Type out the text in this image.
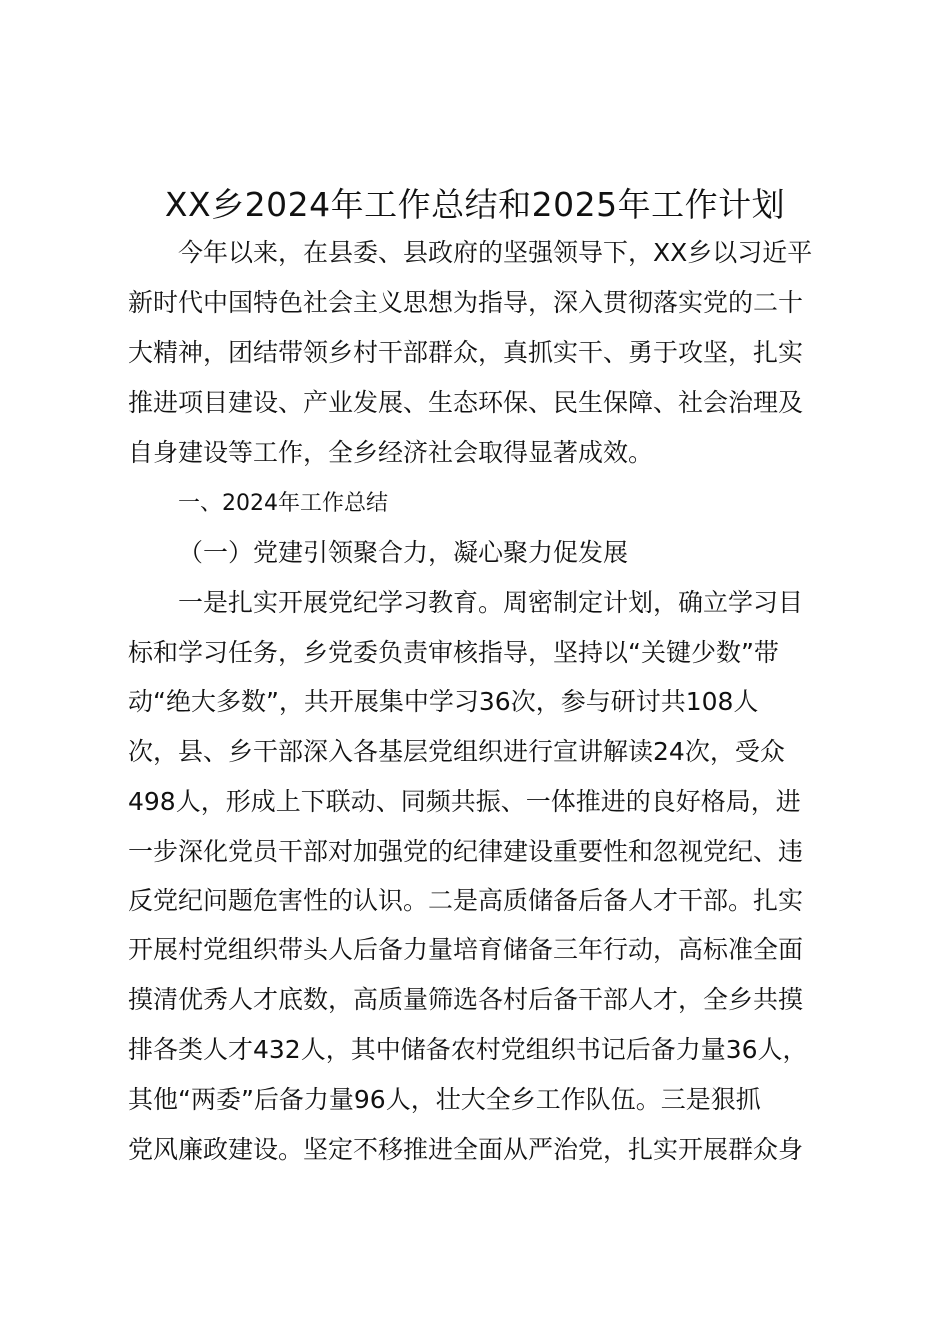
XX乡2024年工作总结和2025年工作计划

今年以来，在县委、县政府的坚强领导下，XX乡以习近平

新时代中国特色社会主义思想为指导，深入贯彻落实党的二十

大精神，团结带领乡村干部群众，真抓实干、勇于攻坚，扎实

推进项目建设、产业发展、生态环保、民生保障、社会治理及

自身建设等工作，全乡经济社会取得显著成效。

一、2024年工作总结

（一）党建引领聚合力，凝心聚力促发展

一是扎实开展党纪学习教育。周密制定计划，确立学习目

标和学习任务，乡党委负责审核指导，坚持以“关键少数”带

动“绝大多数”，共开展集中学习36次，参与研讨共108人

次，县、乡干部深入各基层党组织进行宣讲解读24次，受众

498人，形成上下联动、同频共振、一体推进的良好格局，进

一步深化党员干部对加强党的纪律建设重要性和忽视党纪、违

反党纪问题危害性的认识。二是高质储备后备人才干部。扎实

开展村党组织带头人后备力量培育储备三年行动，高标准全面

摸清优秀人才底数，高质量筛选各村后备干部人才，全乡共摸

排各类人才432人，其中储备农村党组织书记后备力量36人，

其他“两委”后备力量96人，壮大全乡工作队伍。三是狠抓

党风廉政建设。坚定不移推进全面从严治党，扎实开展群众身
